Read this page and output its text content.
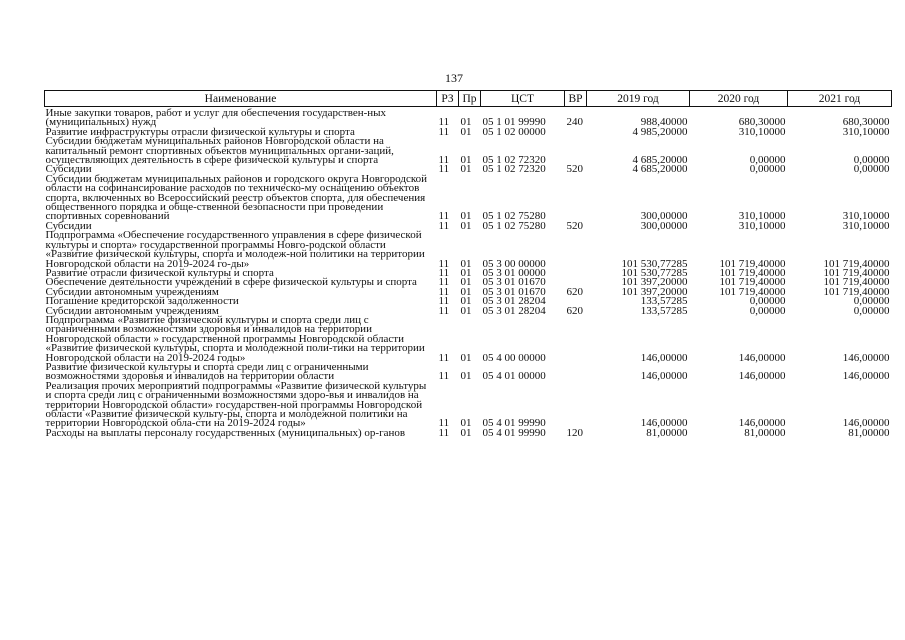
137
Наименование	РЗ	Пр	ЦСТ	ВР	2019 год	2020 год	2021 год
Иные закупки товаров, работ и услуг для обеспечения государствен-ных (муниципальных) нужд	11	01	05 1 01 99990	240	988,40000	680,30000	680,30000
Развитие инфраструктуры отрасли физической культуры и спорта	11	01	05 1 02 00000		4 985,20000	310,10000	310,10000
Субсидии бюджетам муниципальных районов Новгородской области на капитальный ремонт спортивных объектов муниципальных органи-заций, осуществляющих деятельность в сфере физической культуры и спорта	11	01	05 1 02 72320		4 685,20000	0,00000	0,00000
Субсидии	11	01	05 1 02 72320	520	4 685,20000	0,00000	0,00000
Субсидии бюджетам муниципальных районов и городского округа Новгородской области на софинансирование расходов по техническо-му оснащению объектов спорта, включенных во Всероссийский реестр объектов спорта, для обеспечения общественного порядка и обще-ственной безопасности при проведении спортивных соревнований	11	01	05 1 02 75280		300,00000	310,10000	310,10000
Субсидии	11	01	05 1 02 75280	520	300,00000	310,10000	310,10000
Подпрограмма «Обеспечение государственного управления в сфере физической культуры и спорта» государственной программы Новго-родской области «Развитие физической культуры, спорта и молодеж-ной политики на территории Новгородской области на 2019-2024 го-ды»	11	01	05 3 00 00000		101 530,77285	101 719,40000	101 719,40000
Развитие отрасли физической культуры и спорта	11	01	05 3 01 00000		101 530,77285	101 719,40000	101 719,40000
Обеспечение деятельности учреждений в сфере физической культуры и спорта	11	01	05 3 01 01670		101 397,20000	101 719,40000	101 719,40000
Субсидии автономным учреждениям	11	01	05 3 01 01670	620	101 397,20000	101 719,40000	101 719,40000
Погашение кредиторской задолженности	11	01	05 3 01 28204		133,57285	0,00000	0,00000
Субсидии автономным учреждениям	11	01	05 3 01 28204	620	133,57285	0,00000	0,00000
Подпрограмма «Развитие физической культуры и спорта среди лиц с ограниченными возможностями здоровья и инвалидов на территории Новгородской области » государственной программы Новгородской области «Развитие физической культуры, спорта и молодежной поли-тики на территории Новгородской области на 2019-2024 годы»	11	01	05 4 00 00000		146,00000	146,00000	146,00000
Развитие физической культуры и спорта среди лиц с ограниченными возможностями здоровья и инвалидов на территории области	11	01	05 4 01 00000		146,00000	146,00000	146,00000
Реализация прочих мероприятий подпрограммы «Развитие физической культуры и спорта среди лиц с ограниченными возможностями здоро-вья и инвалидов на территории Новгородской области» государствен-ной программы Новгородской области «Развитие физической культу-ры, спорта и молодежной политики на территории Новгородской обла-сти на 2019-2024 годы»	11	01	05 4 01 99990		146,00000	146,00000	146,00000
Расходы на выплаты персоналу государственных (муниципальных) ор-ганов	11	01	05 4 01 99990	120	81,00000	81,00000	81,00000
